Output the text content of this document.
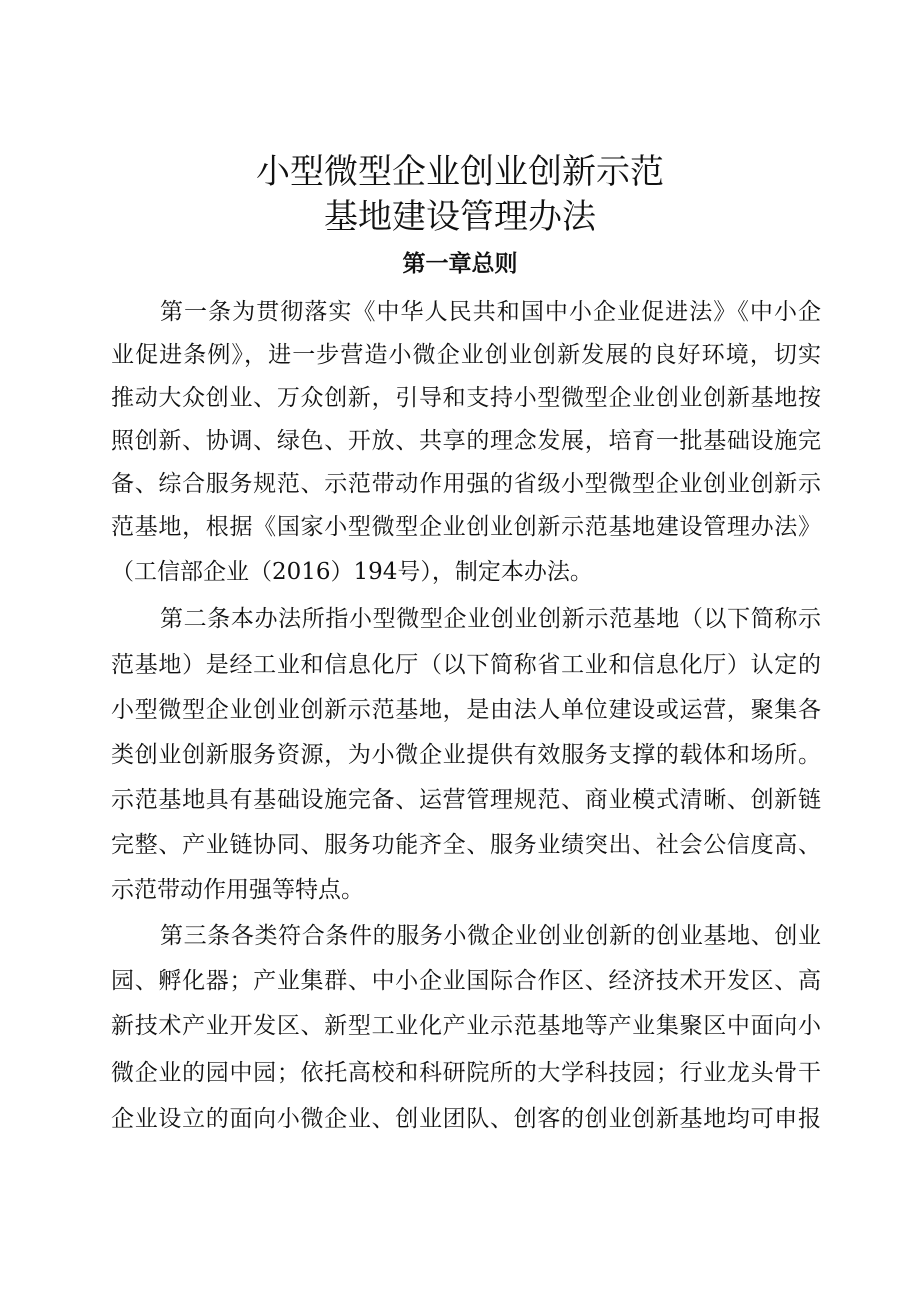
小型微型企业创业创新示范
基地建设管理办法
第一章总则

第一条为贯彻落实《中华人民共和国中小企业促进法》《中小企

业促进条例》，进一步营造小微企业创业创新发展的良好环境，切实

推动大众创业、万众创新，引导和支持小型微型企业创业创新基地按

照创新、协调、绿色、开放、共享的理念发展，培育一批基础设施完

备、综合服务规范、示范带动作用强的省级小型微型企业创业创新示

范基地，根据《国家小型微型企业创业创新示范基地建设管理办法》

（工信部企业（2016）194号），制定本办法。

第二条本办法所指小型微型企业创业创新示范基地（以下简称示

范基地）是经工业和信息化厅（以下简称省工业和信息化厅）认定的

小型微型企业创业创新示范基地，是由法人单位建设或运营，聚集各

类创业创新服务资源，为小微企业提供有效服务支撑的载体和场所。

示范基地具有基础设施完备、运营管理规范、商业模式清晰、创新链

完整、产业链协同、服务功能齐全、服务业绩突出、社会公信度高、

示范带动作用强等特点。

第三条各类符合条件的服务小微企业创业创新的创业基地、创业

园、孵化器；产业集群、中小企业国际合作区、经济技术开发区、高

新技术产业开发区、新型工业化产业示范基地等产业集聚区中面向小

微企业的园中园；依托高校和科研院所的大学科技园；行业龙头骨干

企业设立的面向小微企业、创业团队、创客的创业创新基地均可申报
